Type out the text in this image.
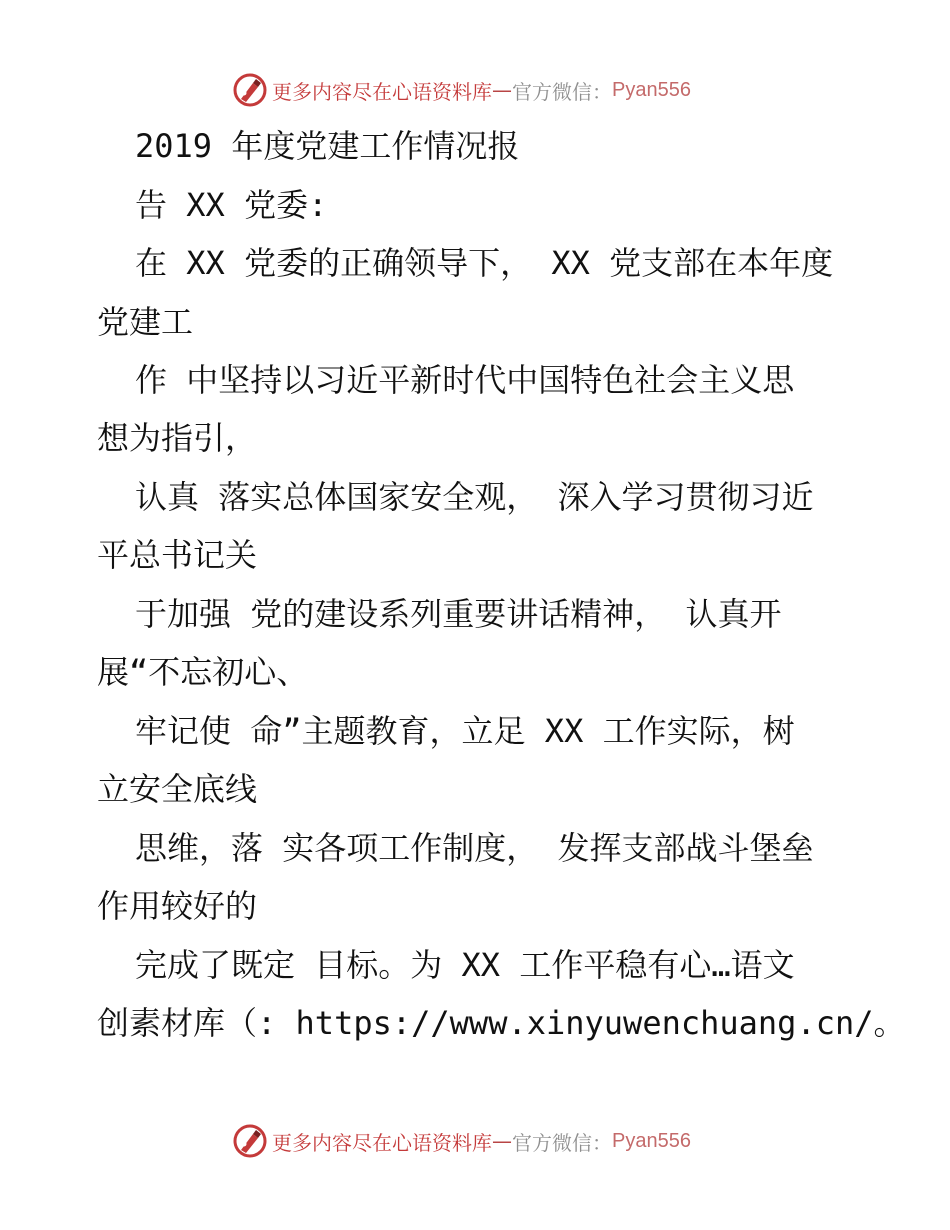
更多内容尽在心语资料库 — 官方微信： Pyan556
2019 年度党建工作情况报
告 XX 党委:
在 XX 党委的正确领导下， XX 党支部在本年度
党建工
作 中坚持以习近平新时代中国特色社会主义思
想为指引，
认真 落实总体国家安全观， 深入学习贯彻习近
平总书记关
于加强 党的建设系列重要讲话精神， 认真开
展“不忘初心、
牢记使 命”主题教育，立足 XX 工作实际，树
立安全底线
思维，落 实各项工作制度， 发挥支部战斗堡垒
作用较好的
完成了既定 目标。为 XX 工作平稳有心…语文
创素材库（: https://www.xinyuwenchuang.cn/。
更多内容尽在心语资料库 — 官方微信： Pyan556
